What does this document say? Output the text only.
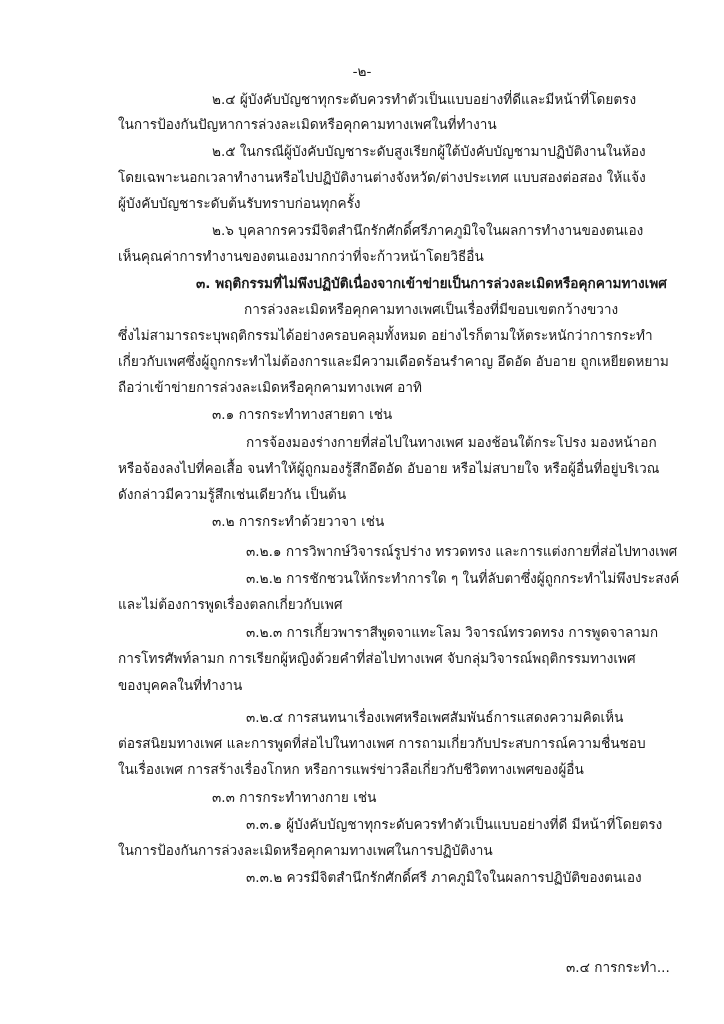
-๒-
๒.๔ ผู้บังคับบัญชาทุกระดับควรทำตัวเป็นแบบอย่างที่ดีและมีหน้าที่โดยตรง
ในการป้องกันปัญหาการล่วงละเมิดหรือคุกคามทางเพศในที่ทำงาน
๒.๕ ในกรณีผู้บังคับบัญชาระดับสูงเรียกผู้ใต้บังคับบัญชามาปฏิบัติงานในห้อง
โดยเฉพาะนอกเวลาทำงานหรือไปปฏิบัติงานต่างจังหวัด/ต่างประเทศ แบบสองต่อสอง ให้แจ้ง
ผู้บังคับบัญชาระดับต้นรับทราบก่อนทุกครั้ง
๒.๖ บุคลากรควรมีจิตสำนึกรักศักดิ์ศรีภาคภูมิใจในผลการทำงานของตนเอง
เห็นคุณค่าการทำงานของตนเองมากกว่าที่จะก้าวหน้าโดยวิธีอื่น
๓. พฤติกรรมที่ไม่พึงปฏิบัติเนื่องจากเข้าข่ายเป็นการล่วงละเมิดหรือคุกคามทางเพศ
การล่วงละเมิดหรือคุกคามทางเพศเป็นเรื่องที่มีขอบเขตกว้างขวาง
ซึ่งไม่สามารถระบุพฤติกรรมได้อย่างครอบคลุมทั้งหมด อย่างไรก็ตามให้ตระหนักว่าการกระทำ
เกี่ยวกับเพศซึ่งผู้ถูกกระทำไม่ต้องการและมีความเดือดร้อนรำคาญ อึดอัด อับอาย ถูกเหยียดหยาม
ถือว่าเข้าข่ายการล่วงละเมิดหรือคุกคามทางเพศ อาทิ
๓.๑ การกระทำทางสายตา เช่น
การจ้องมองร่างกายที่ส่อไปในทางเพศ มองช้อนใต้กระโปรง มองหน้าอก
หรือจ้องลงไปที่คอเสื้อ จนทำให้ผู้ถูกมองรู้สึกอึดอัด อับอาย หรือไม่สบายใจ หรือผู้อื่นที่อยู่บริเวณ
ดังกล่าวมีความรู้สึกเช่นเดียวกัน เป็นต้น
๓.๒ การกระทำด้วยวาจา เช่น
๓.๒.๑ การวิพากษ์วิจารณ์รูปร่าง ทรวดทรง และการแต่งกายที่ส่อไปทางเพศ
๓.๒.๒ การชักชวนให้กระทำการใด ๆ ในที่ลับตาซึ่งผู้ถูกกระทำไม่พึงประสงค์
และไม่ต้องการพูดเรื่องตลกเกี่ยวกับเพศ
๓.๒.๓ การเกี้ยวพาราสีพูดจาแทะโลม วิจารณ์ทรวดทรง การพูดจาลามก
การโทรศัพท์ลามก การเรียกผู้หญิงด้วยคำที่ส่อไปทางเพศ จับกลุ่มวิจารณ์พฤติกรรมทางเพศ
ของบุคคลในที่ทำงาน
๓.๒.๔ การสนทนาเรื่องเพศหรือเพศสัมพันธ์การแสดงความคิดเห็น
ต่อรสนิยมทางเพศ และการพูดที่ส่อไปในทางเพศ การถามเกี่ยวกับประสบการณ์ความชื่นชอบ
ในเรื่องเพศ การสร้างเรื่องโกหก หรือการแพร่ข่าวลือเกี่ยวกับชีวิตทางเพศของผู้อื่น
๓.๓ การกระทำทางกาย เช่น
๓.๓.๑ ผู้บังคับบัญชาทุกระดับควรทำตัวเป็นแบบอย่างที่ดี มีหน้าที่โดยตรง
ในการป้องกันการล่วงละเมิดหรือคุกคามทางเพศในการปฏิบัติงาน
๓.๓.๒ ควรมีจิตสำนึกรักศักดิ์ศรี ภาคภูมิใจในผลการปฏิบัติของตนเอง
๓.๔ การกระทำ...
